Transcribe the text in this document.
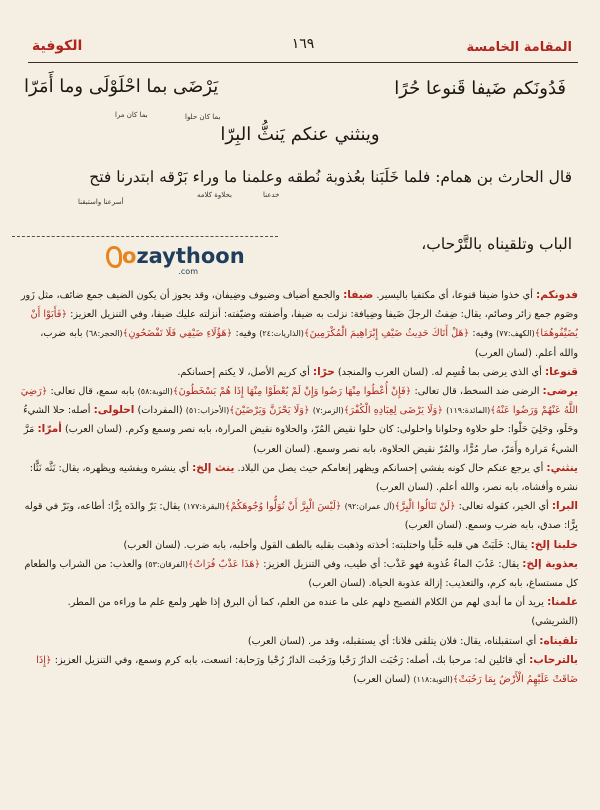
المقامة الخامسة
١٦٩
الكوفية
فَدُونَكم ضَيفا قَنوعا حُرًا
يَرْضَى بما احْلَوْلَى وما أَمَرّا
بما كان حلوا
بما كان مرا
وينثني عنكم يَنثُّ البِرّا
قال الحارث بن همام: فلما خَلَبَنا بعُذوبة نُطقه وعلمنا ما وراء بَرْقه ابتدرنا فتح
خدعنا
بحلاوة كلامه
أسرعنا واستبقنا
الباب وتلقيناه بالتَّرْحاب،
ozaythoon
.com

فدونكم: أي خذوا ضيفا قنوعا، أي مكتفيا باليسير. ضيفا: والجمع أضياف وضيوف وضِيفان، وقد يجوز أن يكون الضيف جمع ضائف، مثل زَور وصَوم جمع زائر وصائم، يقال: ضِفتُ الرجلَ ضَيفا وضِيافة: نزلت به ضيفا، وأضفته وضيّفته: أنزلته عليك ضيفا، وفي التنزيل العزيز: ﴿فَأَبَوْا أَنْ يُضَيِّفُوهُمَا﴾(الكهف:٧٧) وفيه: ﴿هَلْ أَتَاكَ حَدِيثُ ضَيْفِ إِبْرَاهِيمَ الْمُكْرَمِينَ﴾(الذاريات:٢٤) وفيه: ﴿هَؤُلَاءِ ضَيْفِي فَلَا تَفْضَحُونِ﴾(الحجر:٦٨) بابه ضرب، والله أعلم. (لسان العرب)

قنوعا: أي الذي يرضى بما قُسِم له. (لسان العرب والمنجد) حرًا: أي كريم الأصل، لا يكتم إحسانكم.

يرضى: الرضى ضد السخط، قال تعالى: ﴿فَإِنْ أُعْطُوا مِنْهَا رَضُوا وَإِنْ لَمْ يُعْطَوْا مِنْهَا إِذَا هُمْ يَسْخَطُونَ﴾(التوبة:٥٨) بابه سمع، قال تعالى: ﴿رَضِيَ اللَّهُ عَنْهُمْ وَرَضُوا عَنْهُ﴾(المائدة:١١٩) ﴿وَلَا يَرْضَى لِعِبَادِهِ الْكُفْرَ﴾(الزمر:٧) ﴿وَلَا يَحْزَنَّ وَيَرْضَيْنَ﴾(الأحزاب:٥١) (المفردات) احلولى: أصله: حلا الشيءُ وحَلَو، وحَلِيَ حَلْوا: حلو حلاوة وحلوانا واحلولى: كان حلوا نقيض المُرّ، والحلاوة نقيض المرارة، بابه نصر وسمع وكرم. (لسان العرب) أمرّا: مَرَّ الشيءُ مَرارة وأَمَرّ، صار مُرًّا، والمُرّ نقيض الحلاوة، بابه نصر وسمع. (لسان العرب)

ينثني: أي يرجع عنكم حال كونه يفشي إحسانكم ويظهر إنعامكم حيث يصل من البلاد. ينث إلخ: أي ينشره ويفشيه ويظهره، يقال: نَثَّه نَثًّا: نشره وأفشاه، بابه نصر، والله أعلم. (لسان العرب)

البرا: أي الخير، كقوله تعالى: ﴿لَنْ تَنَالُوا الْبِرَّ﴾(آل عمران:٩٢) ﴿لَيْسَ الْبِرَّ أَنْ تُوَلُّوا وُجُوهَكُمْ﴾(البقرة:١٧٧) يقال: بَرّ والدَه بِرًّا: أطاعه، وبَرّ في قوله بِرًّا: صدق، بابه ضرب وسمع. (لسان العرب)

خلبنا إلخ: يقال: خَلَبَتْ هي قلبه خَلْبا واختلبته: أخذته وذهبت بقلبه بالطف القول وأخلبه، بابه ضرب. (لسان العرب)

بعذوبة إلخ: يقال: عَذُبَ الماءُ عُذوبة فهو عَذْب: أي طيب، وفي التنزيل العزيز: ﴿هَذَا عَذْبٌ فُرَاتٌ﴾(الفرقان:٥٣) والعذب: من الشراب والطعام كل مستساغ، بابه كرم، والتعذيب: إزالة عذوبة الحياة. (لسان العرب)

علمنا: يريد أن ما أبدى لهم من الكلام الفصيح دلهم على ما عنده من العلم، كما أن البرق إذا ظهر ولمع علم ما وراءه من المطر. (الشريشي)

تلقيناه: أي استقبلناه، يقال: فلان يتلقى فلانا: أي يستقبله، وقد مر. (لسان العرب)

بالترحاب: أي قائلين له: مرحبا بك، أصله: رَحُبَت الدارُ رَحْبا ورَحُبت الدارُ رُحْبا ورَحابة: اتسعت، بابه كرم وسمع، وفي التنزيل العزيز: ﴿إِذَا ضَاقَتْ عَلَيْهِمُ الْأَرْضُ بِمَا رَحُبَتْ﴾(التوبة:١١٨) (لسان العرب)
